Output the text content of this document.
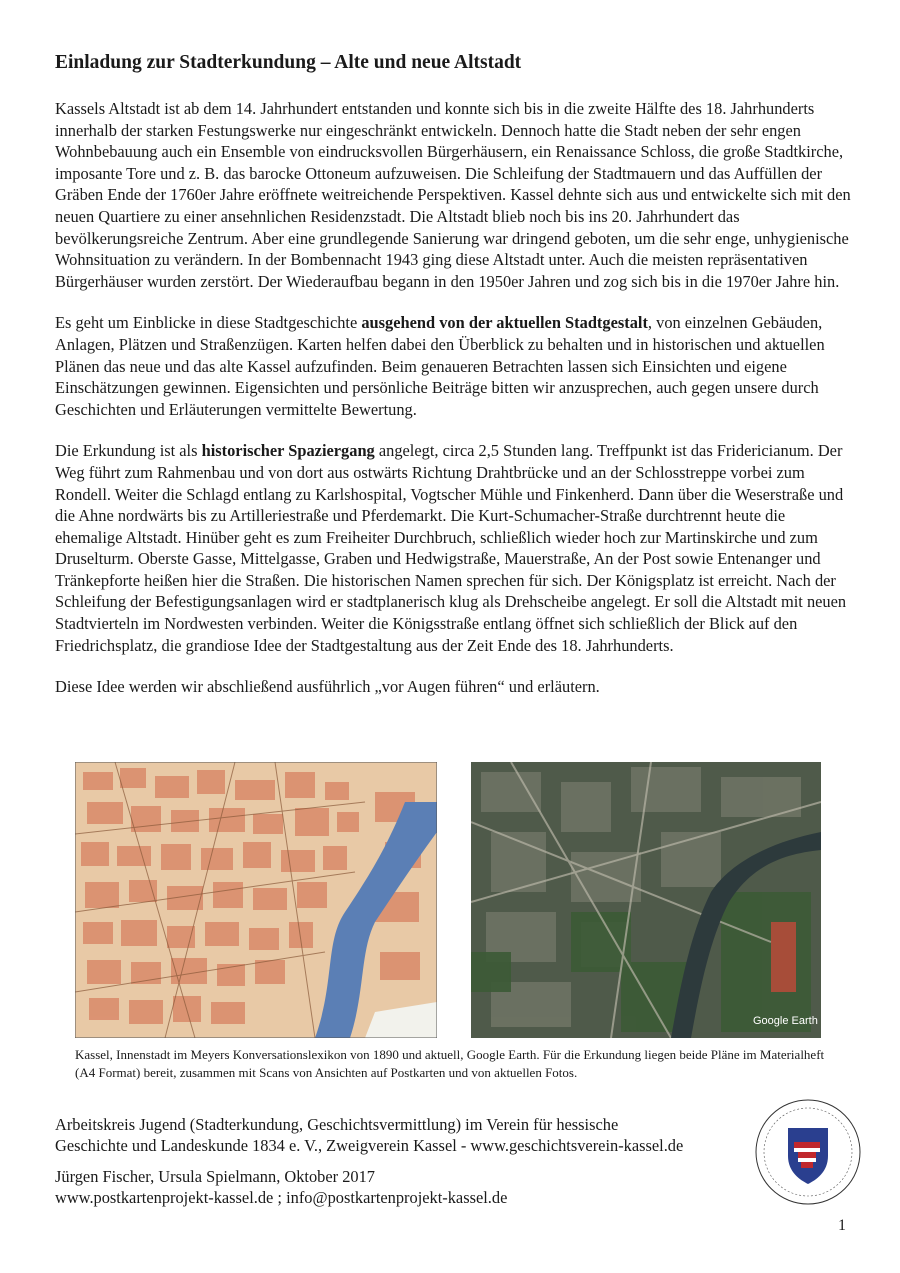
Einladung zur Stadterkundung – Alte und neue Altstadt

Kassels Altstadt ist ab dem 14. Jahrhundert entstanden und konnte sich bis in die zweite Hälfte des 18. Jahrhunderts innerhalb der starken Festungswerke nur eingeschränkt entwickeln. Dennoch hatte die Stadt neben der sehr engen Wohnbebauung auch ein Ensemble von eindrucksvollen Bürgerhäusern, ein Renaissance Schloss, die große Stadtkirche, imposante Tore und z. B. das barocke Ottoneum aufzuweisen. Die Schleifung der Stadtmauern und das Auffüllen der Gräben Ende der 1760er Jahre eröffnete weitreichende Perspektiven. Kassel dehnte sich aus und entwickelte sich mit den neuen Quartiere zu einer ansehnlichen Residenzstadt. Die Altstadt blieb noch bis ins 20. Jahrhundert das bevölkerungsreiche Zentrum. Aber eine grundlegende Sanierung war dringend geboten, um die sehr enge, unhygienische Wohnsituation zu verändern. In der Bombennacht 1943 ging diese Altstadt unter. Auch die meisten repräsentativen Bürgerhäuser wurden zerstört. Der Wiederaufbau begann in den 1950er Jahren und zog sich bis in die 1970er Jahre hin.

Es geht um Einblicke in diese Stadtgeschichte ausgehend von der aktuellen Stadtgestalt, von einzelnen Gebäuden, Anlagen, Plätzen und Straßenzügen. Karten helfen dabei den Überblick zu behalten und in historischen und aktuellen Plänen das neue und das alte Kassel aufzufinden. Beim genaueren Betrachten lassen sich Einsichten und eigene Einschätzungen gewinnen. Eigensichten und persönliche Beiträge bitten wir anzusprechen, auch gegen unsere durch Geschichten und Erläuterungen vermittelte Bewertung.

Die Erkundung ist als historischer Spaziergang angelegt, circa 2,5 Stunden lang. Treffpunkt ist das Fridericianum. Der Weg führt zum Rahmenbau und von dort aus ostwärts Richtung Drahtbrücke und an der Schlosstreppe vorbei zum Rondell. Weiter die Schlagd entlang zu Karlshospital, Vogtscher Mühle und Finkenherd. Dann über die Weserstraße und die Ahne nordwärts bis zu Artilleriestraße und Pferdemarkt. Die Kurt-Schumacher-Straße durchtrennt heute die ehemalige Altstadt. Hinüber geht es zum Freiheiter Durchbruch, schließlich wieder hoch zur Martinskirche und zum Druselturm. Oberste Gasse, Mittelgasse, Graben und Hedwigstraße, Mauerstraße, An der Post sowie Entenanger und Tränkepforte heißen hier die Straßen. Die historischen Namen sprechen für sich. Der Königsplatz ist erreicht. Nach der Schleifung der Befestigungsanlagen wird er stadtplanerisch klug als Drehscheibe angelegt. Er soll die Altstadt mit neuen Stadtvierteln im Nordwesten verbinden. Weiter die Königsstraße entlang öffnet sich schließlich der Blick auf den Friedrichsplatz, die grandiose Idee der Stadtgestaltung aus der Zeit Ende des 18. Jahrhunderts.

Diese Idee werden wir abschließend ausführlich „vor Augen führen“ und erläutern.

Google Earth
Kassel, Innenstadt im Meyers Konversationslexikon von 1890 und aktuell, Google Earth. Für die Erkundung liegen beide Pläne im Materialheft (A4 Format) bereit, zusammen mit Scans von Ansichten auf Postkarten und von aktuellen Fotos.
Arbeitskreis Jugend (Stadterkundung, Geschichtsvermittlung) im Verein für hessische
Geschichte und Landeskunde 1834 e. V., Zweigverein Kassel - www.geschichtsverein-kassel.de
Jürgen Fischer, Ursula Spielmann, Oktober 2017
www.postkartenprojekt-kassel.de ; info@postkartenprojekt-kassel.de
1
